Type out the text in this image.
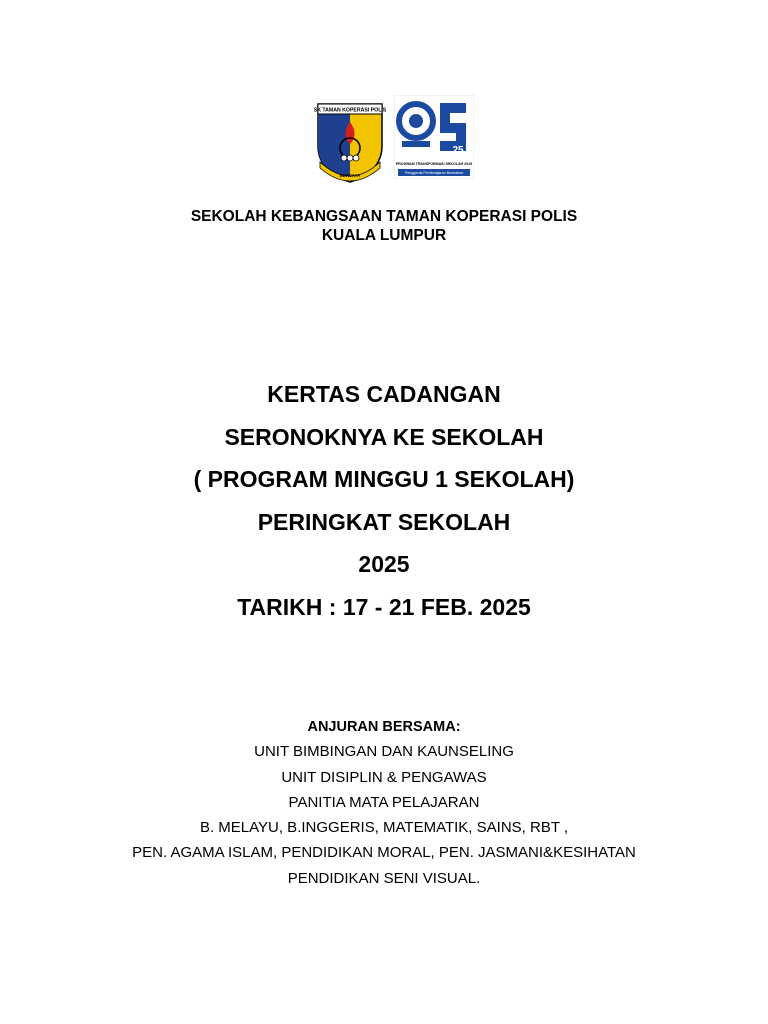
SK TAMAN KOPERASI POLIS
BERJAYA
25
PROGRAM TRANSFORMASI SEKOLAH 2025
Penggerak Pembelajaran Bermakna
SEKOLAH KEBANGSAAN TAMAN KOPERASI POLIS
KUALA LUMPUR
KERTAS CADANGAN
SERONOKNYA KE SEKOLAH
( PROGRAM MINGGU 1 SEKOLAH)
PERINGKAT SEKOLAH
2025
TARIKH : 17 - 21 FEB. 2025
ANJURAN BERSAMA:
UNIT BIMBINGAN DAN KAUNSELING
UNIT DISIPLIN & PENGAWAS
PANITIA MATA PELAJARAN
B. MELAYU, B.INGGERIS, MATEMATIK, SAINS, RBT ,
PEN. AGAMA ISLAM, PENDIDIKAN MORAL, PEN. JASMANI&KESIHATAN
PENDIDIKAN SENI VISUAL.
